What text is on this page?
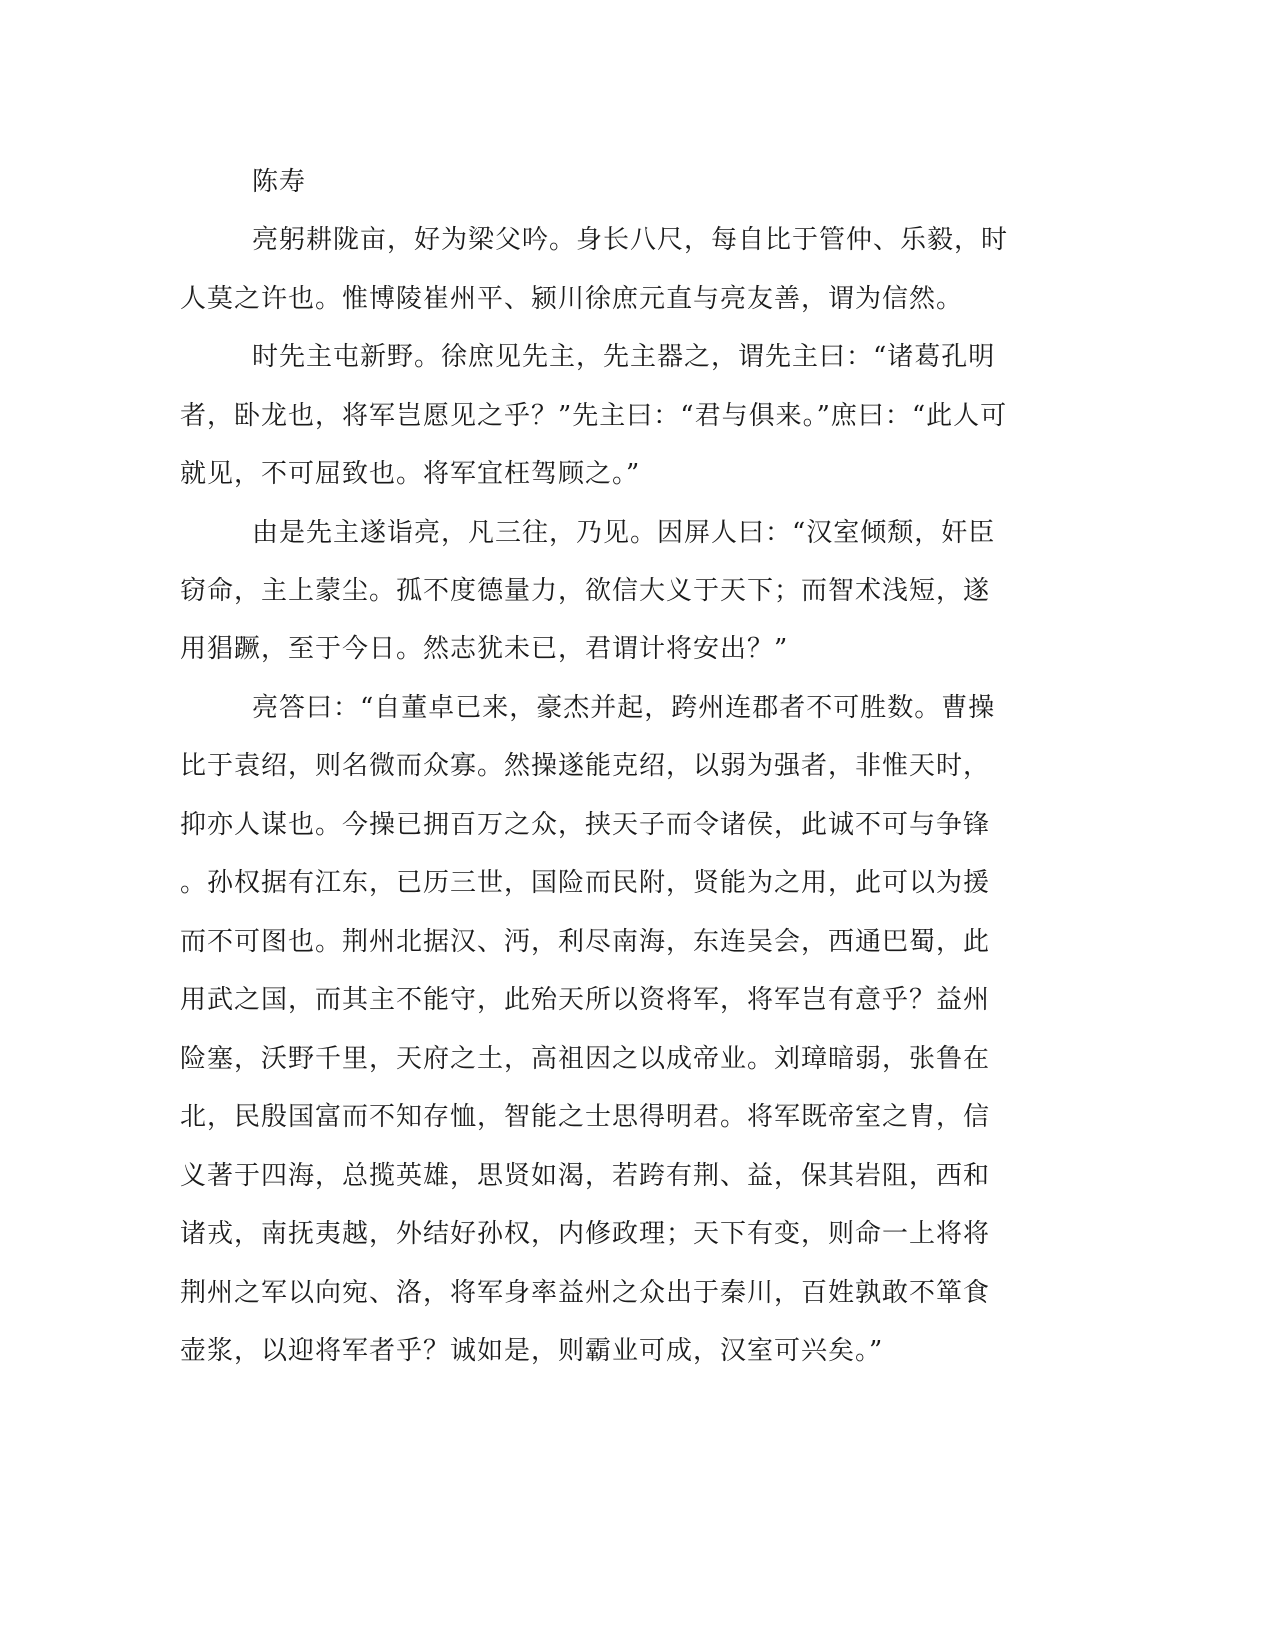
陈寿
亮躬耕陇亩，好为梁父吟。身长八尺，每自比于管仲、乐毅，时
人莫之许也。惟博陵崔州平、颍川徐庶元直与亮友善，谓为信然。
时先主屯新野。徐庶见先主，先主器之，谓先主曰：“诸葛孔明
者，卧龙也，将军岂愿见之乎？”先主曰：“君与俱来。”庶曰：“此人可
就见，不可屈致也。将军宜枉驾顾之。”
由是先主遂诣亮，凡三往，乃见。因屏人曰：“汉室倾颓，奸臣
窃命，主上蒙尘。孤不度德量力，欲信大义于天下；而智术浅短，遂
用猖蹶，至于今日。然志犹未已，君谓计将安出？”
亮答曰：“自董卓已来，豪杰并起，跨州连郡者不可胜数。曹操
比于袁绍，则名微而众寡。然操遂能克绍，以弱为强者，非惟天时，
抑亦人谋也。今操已拥百万之众，挟天子而令诸侯，此诚不可与争锋
。孙权据有江东，已历三世，国险而民附，贤能为之用，此可以为援
而不可图也。荆州北据汉、沔，利尽南海，东连吴会，西通巴蜀，此
用武之国，而其主不能守，此殆天所以资将军，将军岂有意乎？益州
险塞，沃野千里，天府之土，高祖因之以成帝业。刘璋暗弱，张鲁在
北，民殷国富而不知存恤，智能之士思得明君。将军既帝室之胄，信
义著于四海，总揽英雄，思贤如渴，若跨有荆、益，保其岩阻，西和
诸戎，南抚夷越，外结好孙权，内修政理；天下有变，则命一上将将
荆州之军以向宛、洛，将军身率益州之众出于秦川，百姓孰敢不箪食
壶浆，以迎将军者乎？诚如是，则霸业可成，汉室可兴矣。”
